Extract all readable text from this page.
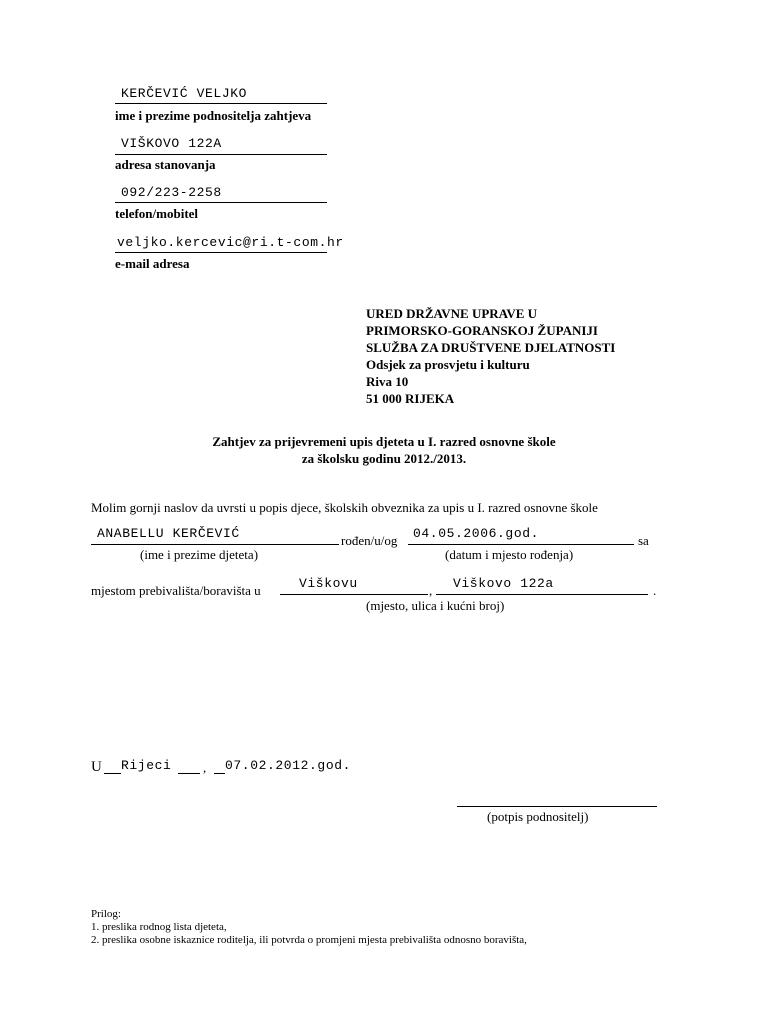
KERČEVIĆ VELJKO
ime i prezime podnositelja zahtjeva
VIŠKOVO 122A
adresa stanovanja
092/223-2258
telefon/mobitel
veljko.kercevic@ri.t-com.hr
e-mail adresa
URED DRŽAVNE UPRAVE U
PRIMORSKO-GORANSKOJ ŽUPANIJI
SLUŽBA ZA DRUŠTVENE DJELATNOSTI
Odsjek za prosvjetu i kulturu
Riva 10
51 000 RIJEKA
Zahtjev za prijevremeni upis djeteta u I. razred osnovne škole
za školsku godinu 2012./2013.
Molim gornji naslov da uvrsti u popis djece, školskih obveznika za upis u I. razred osnovne škole
ANABELLU KERČEVIĆ	rođen/u/og 04.05.2006.god.	sa
(ime i prezime djeteta)	(datum i mjesto rođenja)
mjestom prebivališta/boravišta u	Viškovu	, Viškovo 122a	.
(mjesto, ulica i kućni broj)
U Rijeci , 07.02.2012.god.
(potpis podnositelj)
Prilog:
1. preslika rodnog lista djeteta,
2. preslika osobne iskaznice roditelja, ili potvrda o promjeni mjesta prebivališta odnosno boravišta,
